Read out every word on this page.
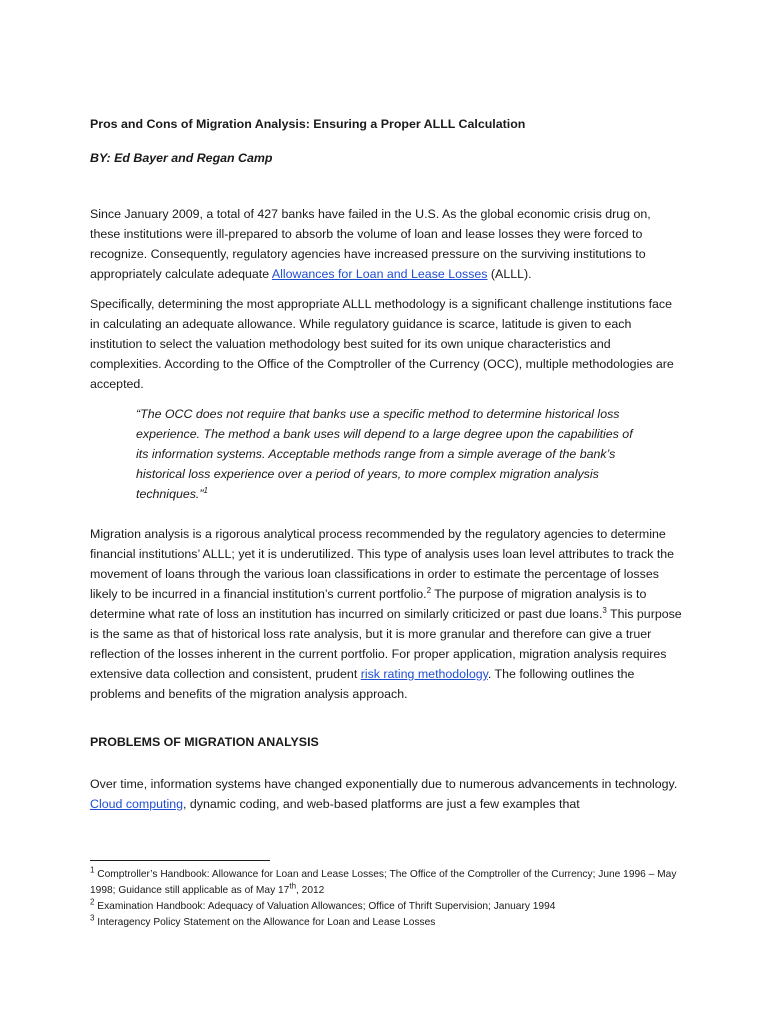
Pros and Cons of Migration Analysis: Ensuring a Proper ALLL Calculation
BY: Ed Bayer and Regan Camp

Since January 2009, a total of 427 banks have failed in the U.S. As the global economic crisis drug on, these institutions were ill-prepared to absorb the volume of loan and lease losses they were forced to recognize. Consequently, regulatory agencies have increased pressure on the surviving institutions to appropriately calculate adequate Allowances for Loan and Lease Losses (ALLL).

Specifically, determining the most appropriate ALLL methodology is a significant challenge institutions face in calculating an adequate allowance. While regulatory guidance is scarce, latitude is given to each institution to select the valuation methodology best suited for its own unique characteristics and complexities. According to the Office of the Comptroller of the Currency (OCC), multiple methodologies are accepted.

“The OCC does not require that banks use a specific method to determine historical loss experience. The method a bank uses will depend to a large degree upon the capabilities of its information systems. Acceptable methods range from a simple average of the bank’s historical loss experience over a period of years, to more complex migration analysis techniques.”$^1$

Migration analysis is a rigorous analytical process recommended by the regulatory agencies to determine financial institutions’ ALLL; yet it is underutilized. This type of analysis uses loan level attributes to track the movement of loans through the various loan classifications in order to estimate the percentage of losses likely to be incurred in a financial institution’s current portfolio.$^2$ The purpose of migration analysis is to determine what rate of loss an institution has incurred on similarly criticized or past due loans.$^3$ This purpose is the same as that of historical loss rate analysis, but it is more granular and therefore can give a truer reflection of the losses inherent in the current portfolio. For proper application, migration analysis requires extensive data collection and consistent, prudent risk rating methodology. The following outlines the problems and benefits of the migration analysis approach.

PROBLEMS OF MIGRATION ANALYSIS

Over time, information systems have changed exponentially due to numerous advancements in technology. Cloud computing, dynamic coding, and web-based platforms are just a few examples that

$^1$ Comptroller’s Handbook: Allowance for Loan and Lease Losses; The Office of the Comptroller of the Currency; June 1996 – May 1998; Guidance still applicable as of May 17th, 2012

$^2$ Examination Handbook: Adequacy of Valuation Allowances; Office of Thrift Supervision; January 1994

$^3$ Interagency Policy Statement on the Allowance for Loan and Lease Losses
